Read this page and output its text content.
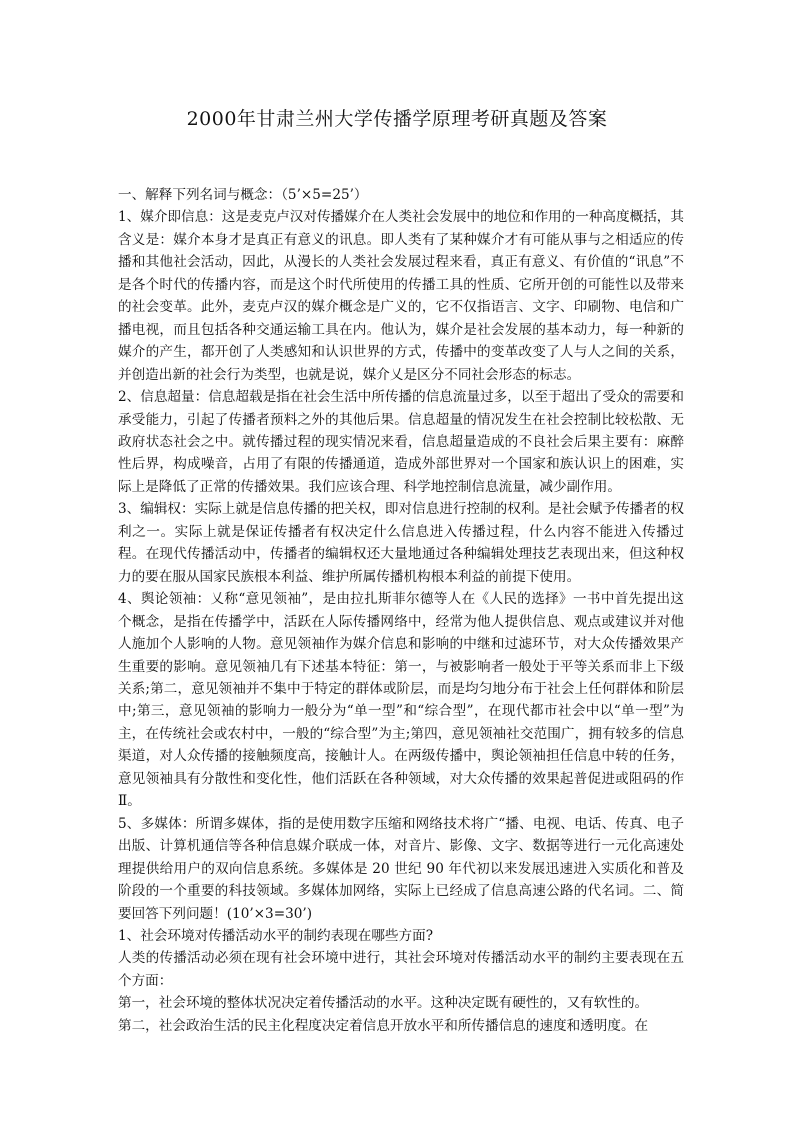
2000年甘肃兰州大学传播学原理考研真题及答案

一、解释下列名词与概念：（5’×5=25’）

1、媒介即信息：这是麦克卢汉对传播媒介在人类社会发展中的地位和作用的一种高度概括，其含义是：媒介本身才是真正有意义的讯息。即人类有了某种媒介才有可能从事与之相适应的传播和其他社会活动，因此，从漫长的人类社会发展过程来看，真正有意义、有价值的“讯息”不是各个时代的传播内容，而是这个时代所使用的传播工具的性质、它所开创的可能性以及带来的社会变革。此外，麦克卢汉的媒介概念是广义的，它不仅指语言、文字、印刷物、电信和广播电视，而且包括各种交通运输工具在内。他认为，媒介是社会发展的基本动力，每一种新的媒介的产生，都开创了人类感知和认识世界的方式，传播中的变革改变了人与人之间的关系，并创造出新的社会行为类型，也就是说，媒介乂是区分不同社会形态的标志。

2、信息超量：信息超载是指在社会生活中所传播的信息流量过多，以至于超出了受众的需要和承受能力，引起了传播者预料之外的其他后果。信息超量的情况发生在社会控制比较松散、无政府状态社会之中。就传播过程的现实情况来看，信息超量造成的不良社会后果主要有：麻醉性后界，构成噪音，占用了有限的传播通道，造成外部世界对一个国家和族认识上的困难，实际上是降低了正常的传播效果。我们应该合理、科学地控制信息流量，减少副作用。

3、编辑权：实际上就是信息传播的把关权，即对信息进行控制的权利。是社会赋予传播者的权利之一。实际上就是保证传播者有权决定什么信息进入传播过程，什么内容不能进入传播过程。在现代传播活动中，传播者的编辑权还大量地通过各种编辑处理技艺表现出来，但这种权力的要在服从国家民族根本利益、维护所属传播机构根本利益的前提下使用。

4、舆论领袖：乂称“意见领袖”，是由拉扎斯菲尔德等人在《人民的选择》一书中首先提出这个概念，是指在传播学中，活跃在人际传播网络中，经常为他人提供信息、观点或建议并对他人施加个人影响的人物。意见领袖作为媒介信息和影响的中继和过滤环节，对大众传播效果产生重要的影响。意见领袖几有下述基本特征：第一，与被影响者一般处于平等关系而非上下级关系;第二，意见领袖并不集中于特定的群体或阶层，而是均匀地分布于社会上任何群体和阶层中;第三，意见领袖的影响力一般分为“单一型”和“综合型”，在现代都市社会中以“单一型”为主，在传统社会或农村中，一般的“综合型”为主;第四，意见领袖社交范围广，拥有较多的信息渠道，对人众传播的接触频度高，接触计人。在两级传播中，舆论领袖担任信息中转的任务，意见领袖具有分散性和变化性，他们活跃在各种领域，对大众传播的效果起普促进或阻码的作Ⅱ。

5、多媒体：所谓多媒体，指的是使用数字压缩和网络技术将广“播、电视、电话、传真、电子出版、计算机通信等各种信息媒介联成一体，对音片、影像、文字、数据等进行一元化高速处理提供给用户的双向信息系统。多媒体是 20 世纪 90 年代初以来发展迅速进入实质化和普及阶段的一个重要的科技领域。多媒体加网络，实际上已经成了信息高速公路的代名词。二、简要回答下列问题！(10’×3=30’)

1、社会环境对传播活动水平的制约表现在哪些方面?

人类的传播活动必须在现有社会环境中进行，其社会环境对传播活动水平的制约主要表现在五个方面：

第一，社会环境的整体状况决定着传播活动的水平。这种决定既有硬性的，又有软性的。

第二，社会政治生活的民主化程度决定着信息开放水平和所传播信息的速度和透明度。在
